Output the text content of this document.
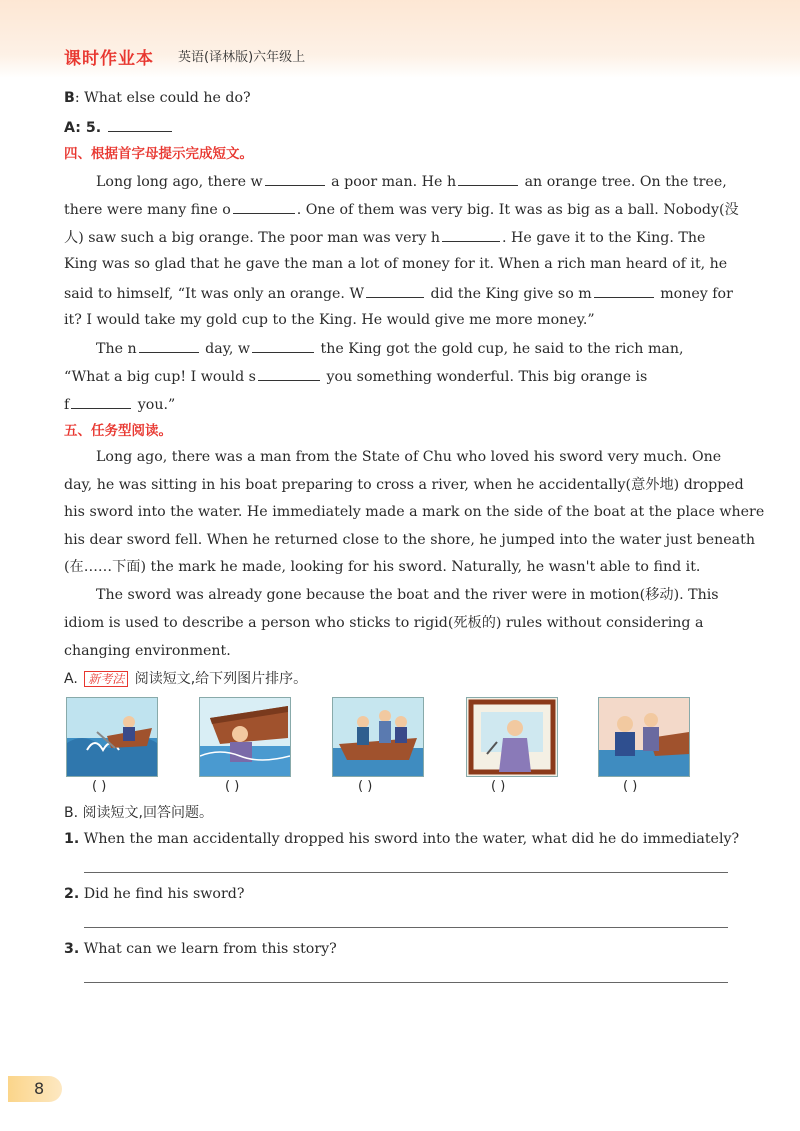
课时作业本 英语(译林版)六年级上
B: What else could he do?
A: 5.
四、根据首字母提示完成短文。
Long long ago, there w	a poor man. He h	an orange tree. On the tree,
there were many fine o	. One of them was very big. It was as big as a ball. Nobody(没
人) saw such a big orange. The poor man was very h	. He gave it to the King. The
King was so glad that he gave the man a lot of money for it. When a rich man heard of it, he
said to himself, “It was only an orange. W	did the King give so m	money for
it? I would take my gold cup to the King. He would give me more money.”
The n	day, w	the King got the gold cup, he said to the rich man,
“What a big cup! I would s	you something wonderful. This big orange is
f	you.”
五、任务型阅读。
Long ago, there was a man from the State of Chu who loved his sword very much. One
day, he was sitting in his boat preparing to cross a river, when he accidentally(意外地) dropped
his sword into the water. He immediately made a mark on the side of the boat at the place where
his dear sword fell. When he returned close to the shore, he jumped into the water just beneath
(在……下面) the mark he made, looking for his sword. Naturally, he wasn't able to find it.
The sword was already gone because the boat and the river were in motion(移动). This
idiom is used to describe a person who sticks to rigid(死板的) rules without considering a
changing environment.
A. 新考法 阅读短文,给下列图片排序。
( )	( )	( )	( )	( )
B. 阅读短文,回答问题。
1. When the man accidentally dropped his sword into the water, what did he do immediately?
2. Did he find his sword?
3. What can we learn from this story?
8
